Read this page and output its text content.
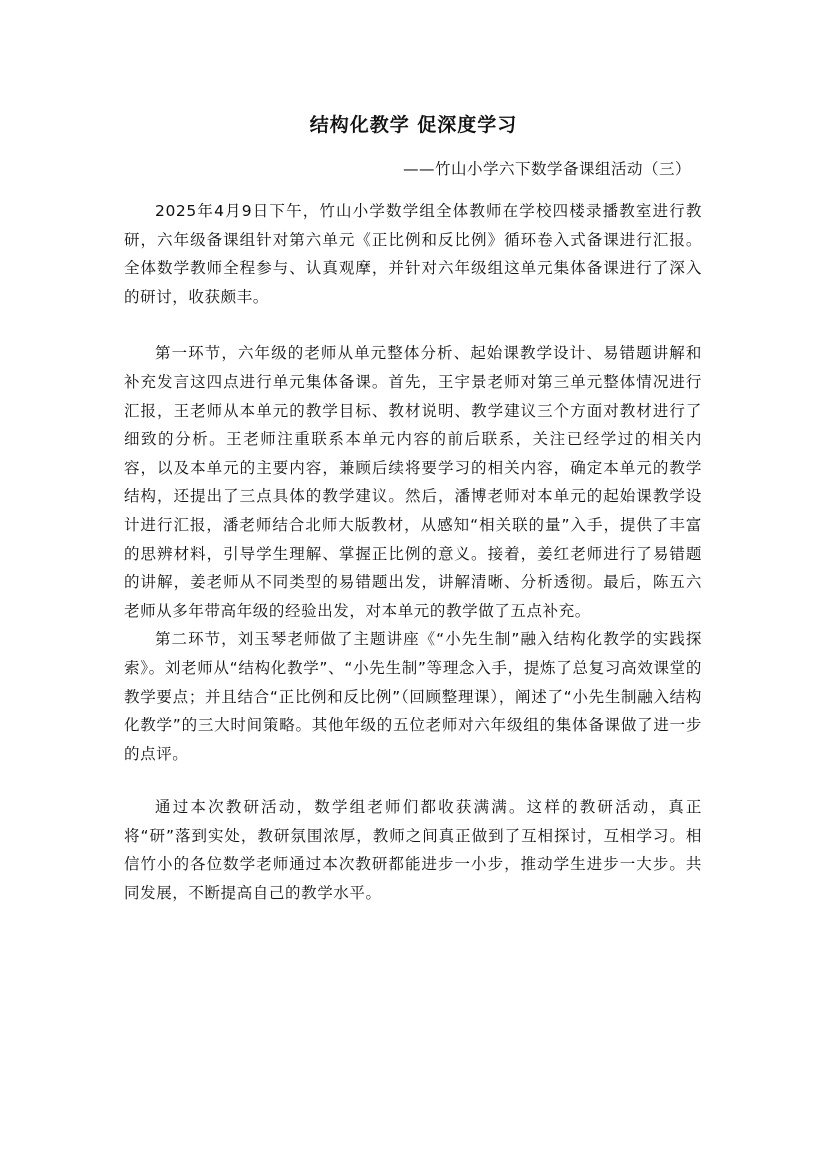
结构化教学 促深度学习
——竹山小学六下数学备课组活动（三）

2025年4月9日下午，竹山小学数学组全体教师在学校四楼录播教室进行教研，六年级备课组针对第六单元《正比例和反比例》循环卷入式备课进行汇报。全体数学教师全程参与、认真观摩，并针对六年级组这单元集体备课进行了深入的研讨，收获颇丰。

第一环节，六年级的老师从单元整体分析、起始课教学设计、易错题讲解和补充发言这四点进行单元集体备课。首先，王宇景老师对第三单元整体情况进行汇报，王老师从本单元的教学目标、教材说明、教学建议三个方面对教材进行了细致的分析。王老师注重联系本单元内容的前后联系，关注已经学过的相关内容，以及本单元的主要内容，兼顾后续将要学习的相关内容，确定本单元的教学结构，还提出了三点具体的教学建议。然后，潘博老师对本单元的起始课教学设计进行汇报，潘老师结合北师大版教材，从感知“相关联的量”入手，提供了丰富的思辨材料，引导学生理解、掌握正比例的意义。接着，姜红老师进行了易错题的讲解，姜老师从不同类型的易错题出发，讲解清晰、分析透彻。最后，陈五六老师从多年带高年级的经验出发，对本单元的教学做了五点补充。

第二环节，刘玉琴老师做了主题讲座《“小先生制”融入结构化教学的实践探索》。刘老师从“结构化教学”、“小先生制”等理念入手，提炼了总复习高效课堂的教学要点；并且结合“正比例和反比例”（回顾整理课），阐述了“小先生制融入结构化教学”的三大时间策略。其他年级的五位老师对六年级组的集体备课做了进一步的点评。

通过本次教研活动，数学组老师们都收获满满。这样的教研活动，真正将“研”落到实处，教研氛围浓厚，教师之间真正做到了互相探讨，互相学习。相信竹小的各位数学老师通过本次教研都能进步一小步，推动学生进步一大步。共同发展，不断提高自己的教学水平。
